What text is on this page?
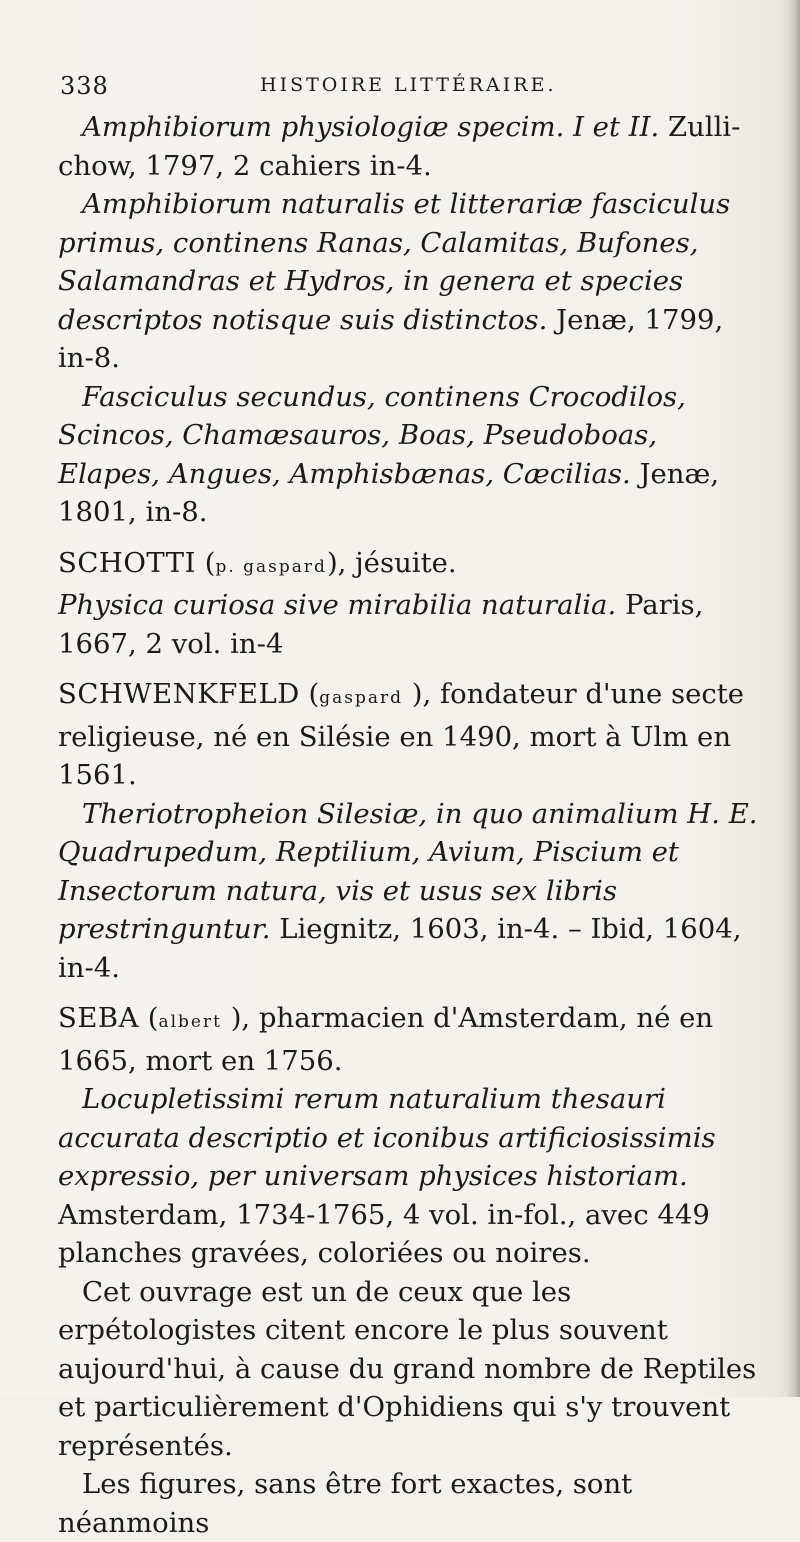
338	HISTOIRE LITTÉRAIRE.

Amphibiorum physiologiæ specim. I et II. Zulli-chow, 1797, 2 cahiers in-4.

Amphibiorum naturalis et litterariæ fasciculus primus, continens Ranas, Calamitas, Bufones, Salamandras et Hydros, in genera et species descriptos notisque suis distinctos. Jenæ, 1799, in-8.

Fasciculus secundus, continens Crocodilos, Scincos, Chamæsauros, Boas, Pseudoboas, Elapes, Angues, Amphisbænas, Cæcilias. Jenæ, 1801, in-8.

SCHOTTI (p. gaspard), jésuite.

Physica curiosa sive mirabilia naturalia. Paris, 1667, 2 vol. in-4

SCHWENKFELD (gaspard ), fondateur d'une secte religieuse, né en Silésie en 1490, mort à Ulm en 1561.

Theriotropheion Silesiæ, in quo animalium H. E. Quadrupedum, Reptilium, Avium, Piscium et Insectorum natura, vis et usus sex libris prestringuntur. Liegnitz, 1603, in-4. – Ibid, 1604, in-4.

SEBA (albert ), pharmacien d'Amsterdam, né en 1665, mort en 1756.

Locupletissimi rerum naturalium thesauri accurata descriptio et iconibus artificiosissimis expressio, per universam physices historiam. Amsterdam, 1734-1765, 4 vol. in-fol., avec 449 planches gravées, coloriées ou noires.

Cet ouvrage est un de ceux que les erpétologistes citent encore le plus souvent aujourd'hui, à cause du grand nombre de Reptiles et particulièrement d'Ophidiens qui s'y trouvent représentés.

Les figures, sans être fort exactes, sont néanmoins
